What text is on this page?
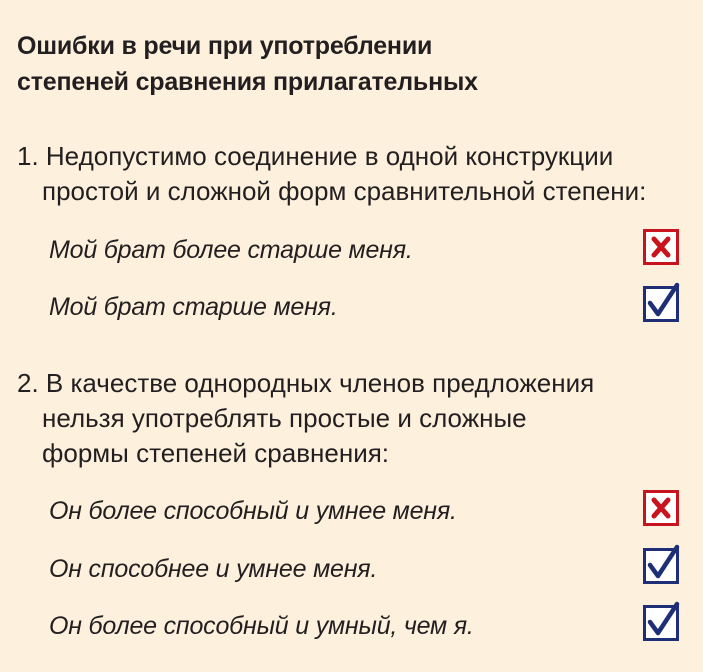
Ошибки в речи при употреблении
степеней сравнения прилагательных
1. Недопустимо соединение в одной конструкции
простой и сложной форм сравнительной степени:
Мой брат более старше меня.
Мой брат старше меня.
2. В качестве однородных членов предложения
нельзя употреблять простые и сложные
формы степеней сравнения:
Он более способный и умнее меня.
Он способнее и умнее меня.
Он более способный и умный, чем я.
